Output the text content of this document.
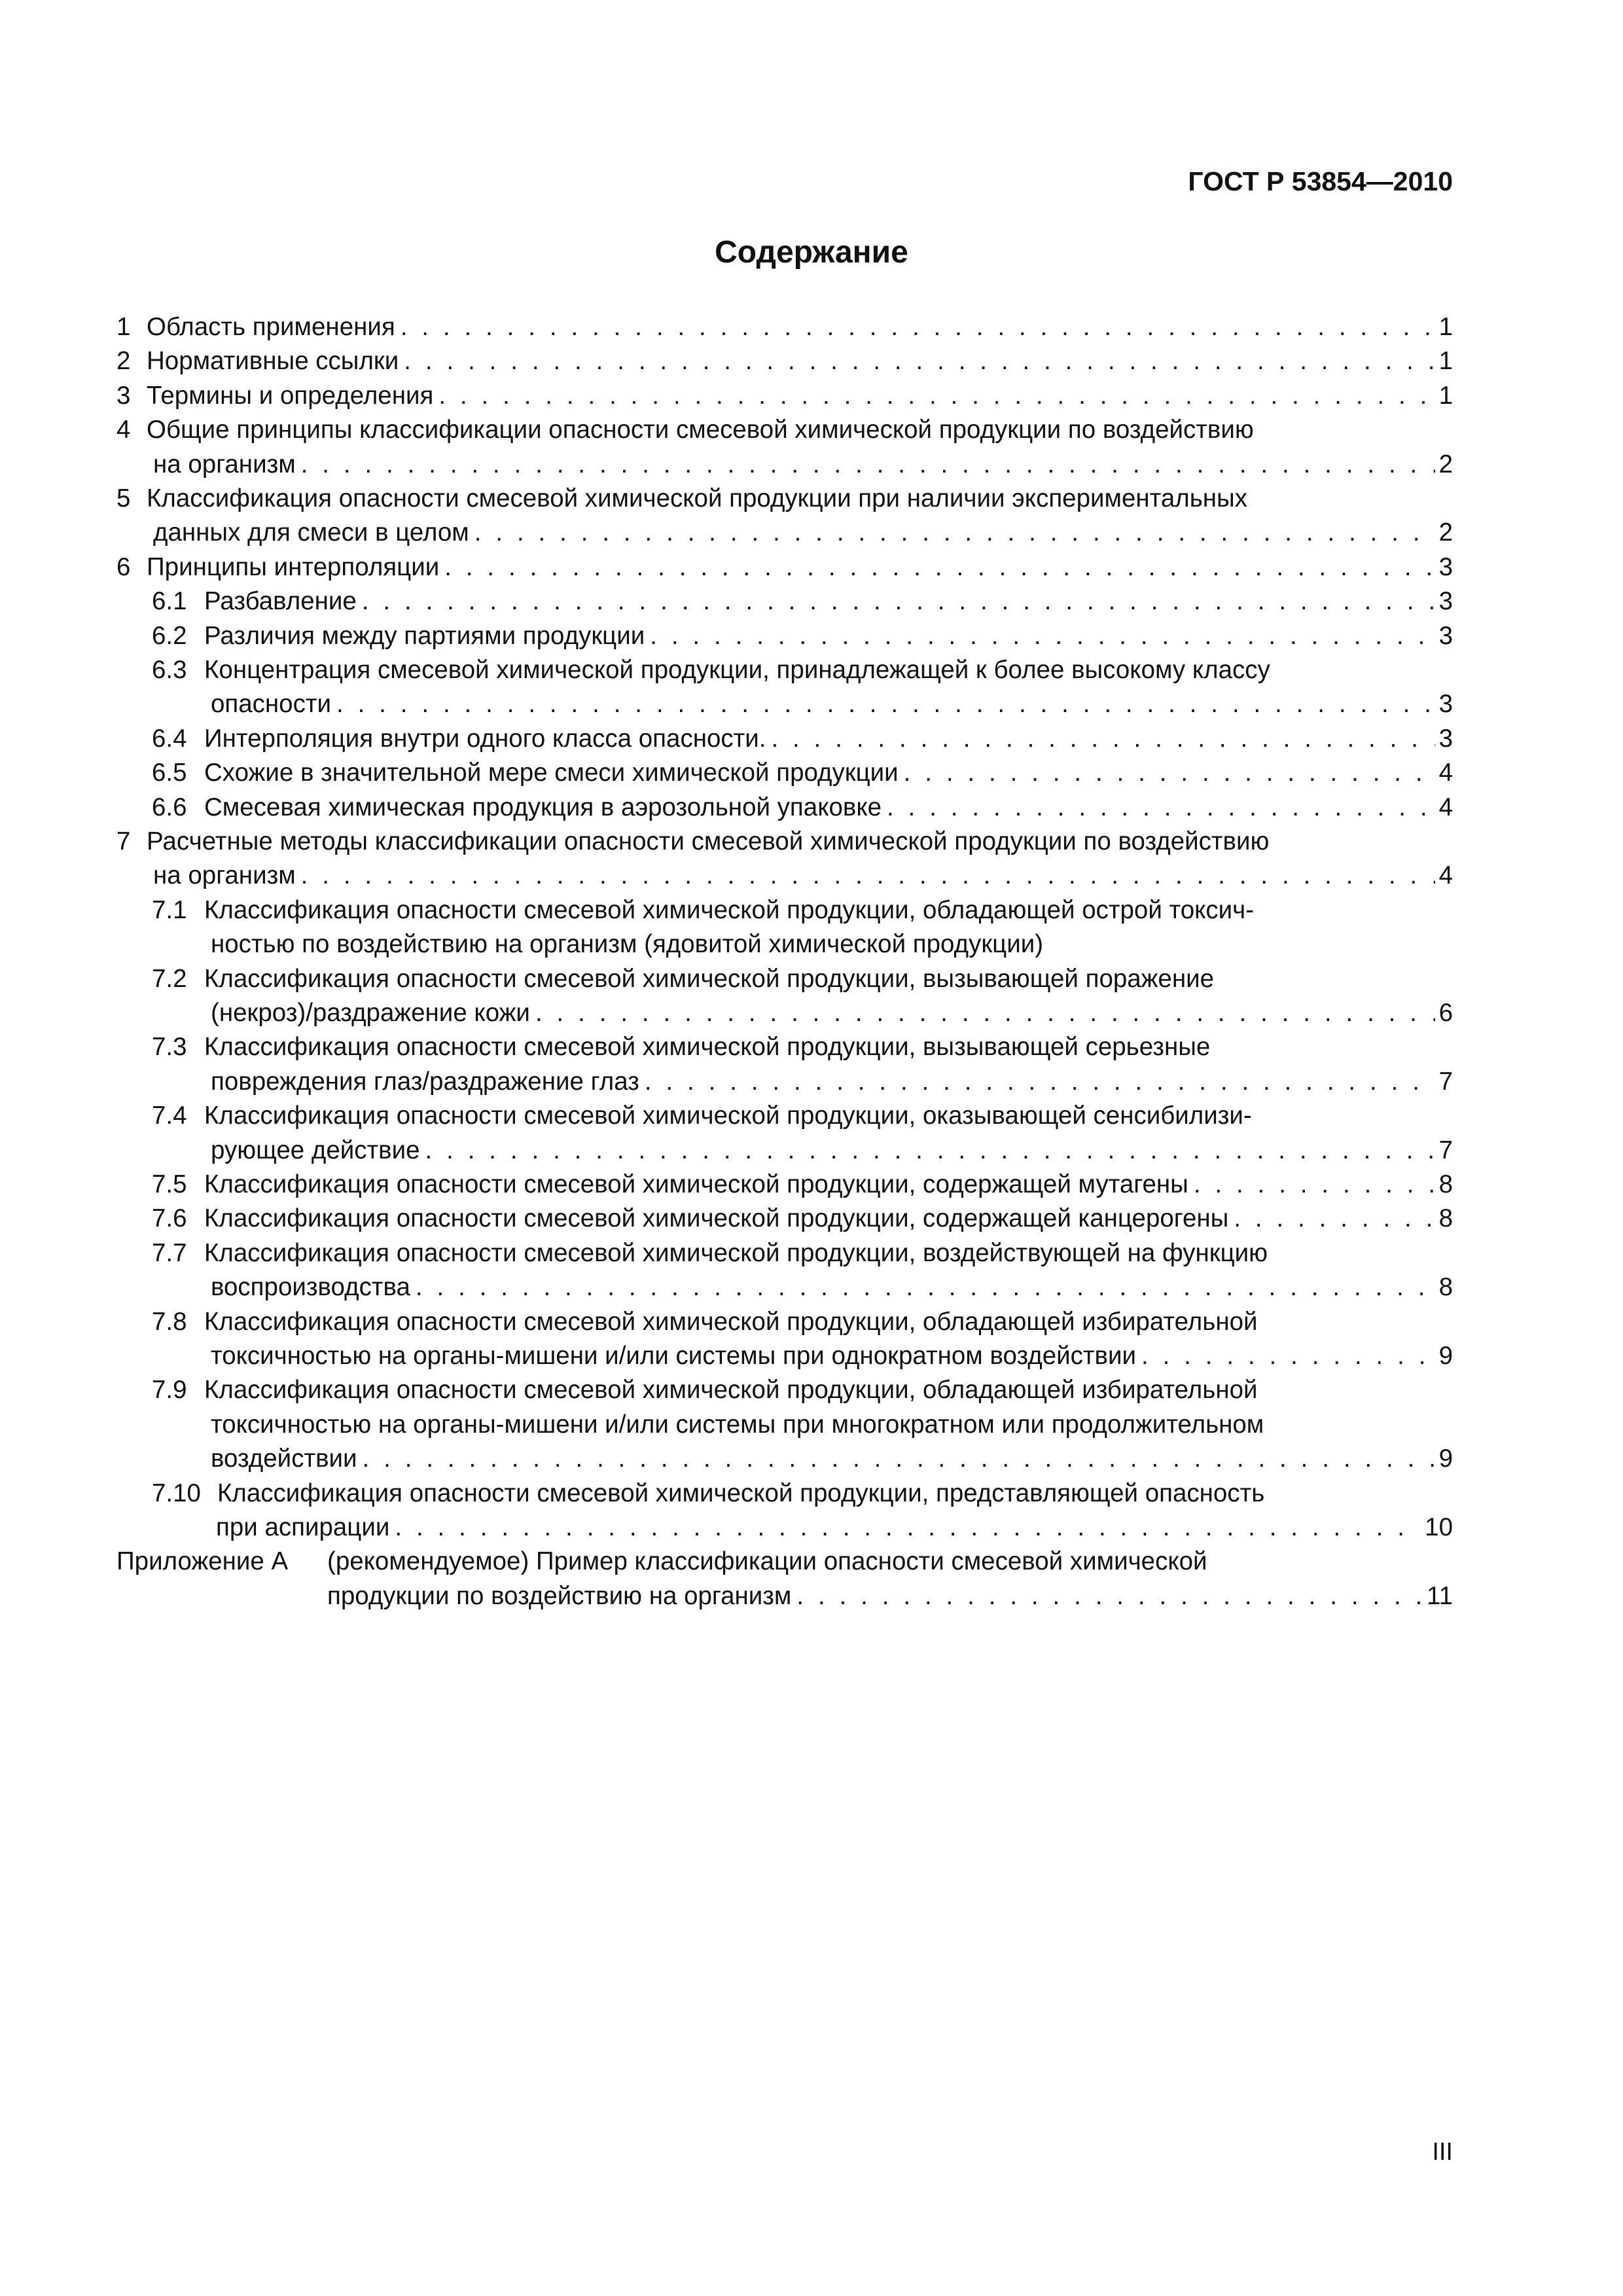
ГОСТ Р 53854—2010
Содержание
1 Область применения . . .	1
2 Нормативные ссылки . . .	1
3 Термины и определения . . .	1
4 Общие принципы классификации опасности смесевой химической продукции по воздействию
на организм . . .	2
5 Классификация опасности смесевой химической продукции при наличии экспериментальных
данных для смеси в целом . . .	2
6 Принципы интерполяции . . .	3
6.1 Разбавление . . .	3
6.2 Различия между партиями продукции . . .	3
6.3 Концентрация смесевой химической продукции, принадлежащей к более высокому классу
опасности . . .	3
6.4 Интерполяция внутри одного класса опасности. . . .	3
6.5 Схожие в значительной мере смеси химической продукции . . .	4
6.6 Смесевая химическая продукция в аэрозольной упаковке . . .	4
7 Расчетные методы классификации опасности смесевой химической продукции по воздействию
на организм . . .	4
7.1 Классификация опасности смесевой химической продукции, обладающей острой токсич-
ностью по воздействию на организм (ядовитой химической продукции)
7.2 Классификация опасности смесевой химической продукции, вызывающей поражение
(некроз)/раздражение кожи . . .	6
7.3 Классификация опасности смесевой химической продукции, вызывающей серьезные
повреждения глаз/раздражение глаз . . .	7
7.4 Классификация опасности смесевой химической продукции, оказывающей сенсибилизи-
рующее действие . . .	7
7.5 Классификация опасности смесевой химической продукции, содержащей мутагены . . .	8
7.6 Классификация опасности смесевой химической продукции, содержащей канцерогены . . .	8
7.7 Классификация опасности смесевой химической продукции, воздействующей на функцию
воспроизводства . . .	8
7.8 Классификация опасности смесевой химической продукции, обладающей избирательной
токсичностью на органы-мишени и/или системы при однократном воздействии . . .	9
7.9 Классификация опасности смесевой химической продукции, обладающей избирательной
токсичностью на органы-мишени и/или системы при многократном или продолжительном
воздействии . . .	9
7.10 Классификация опасности смесевой химической продукции, представляющей опасность
при аспирации . . .	10
Приложение А (рекомендуемое) Пример классификации опасности смесевой химической
продукции по воздействию на организм . . .	11
III
